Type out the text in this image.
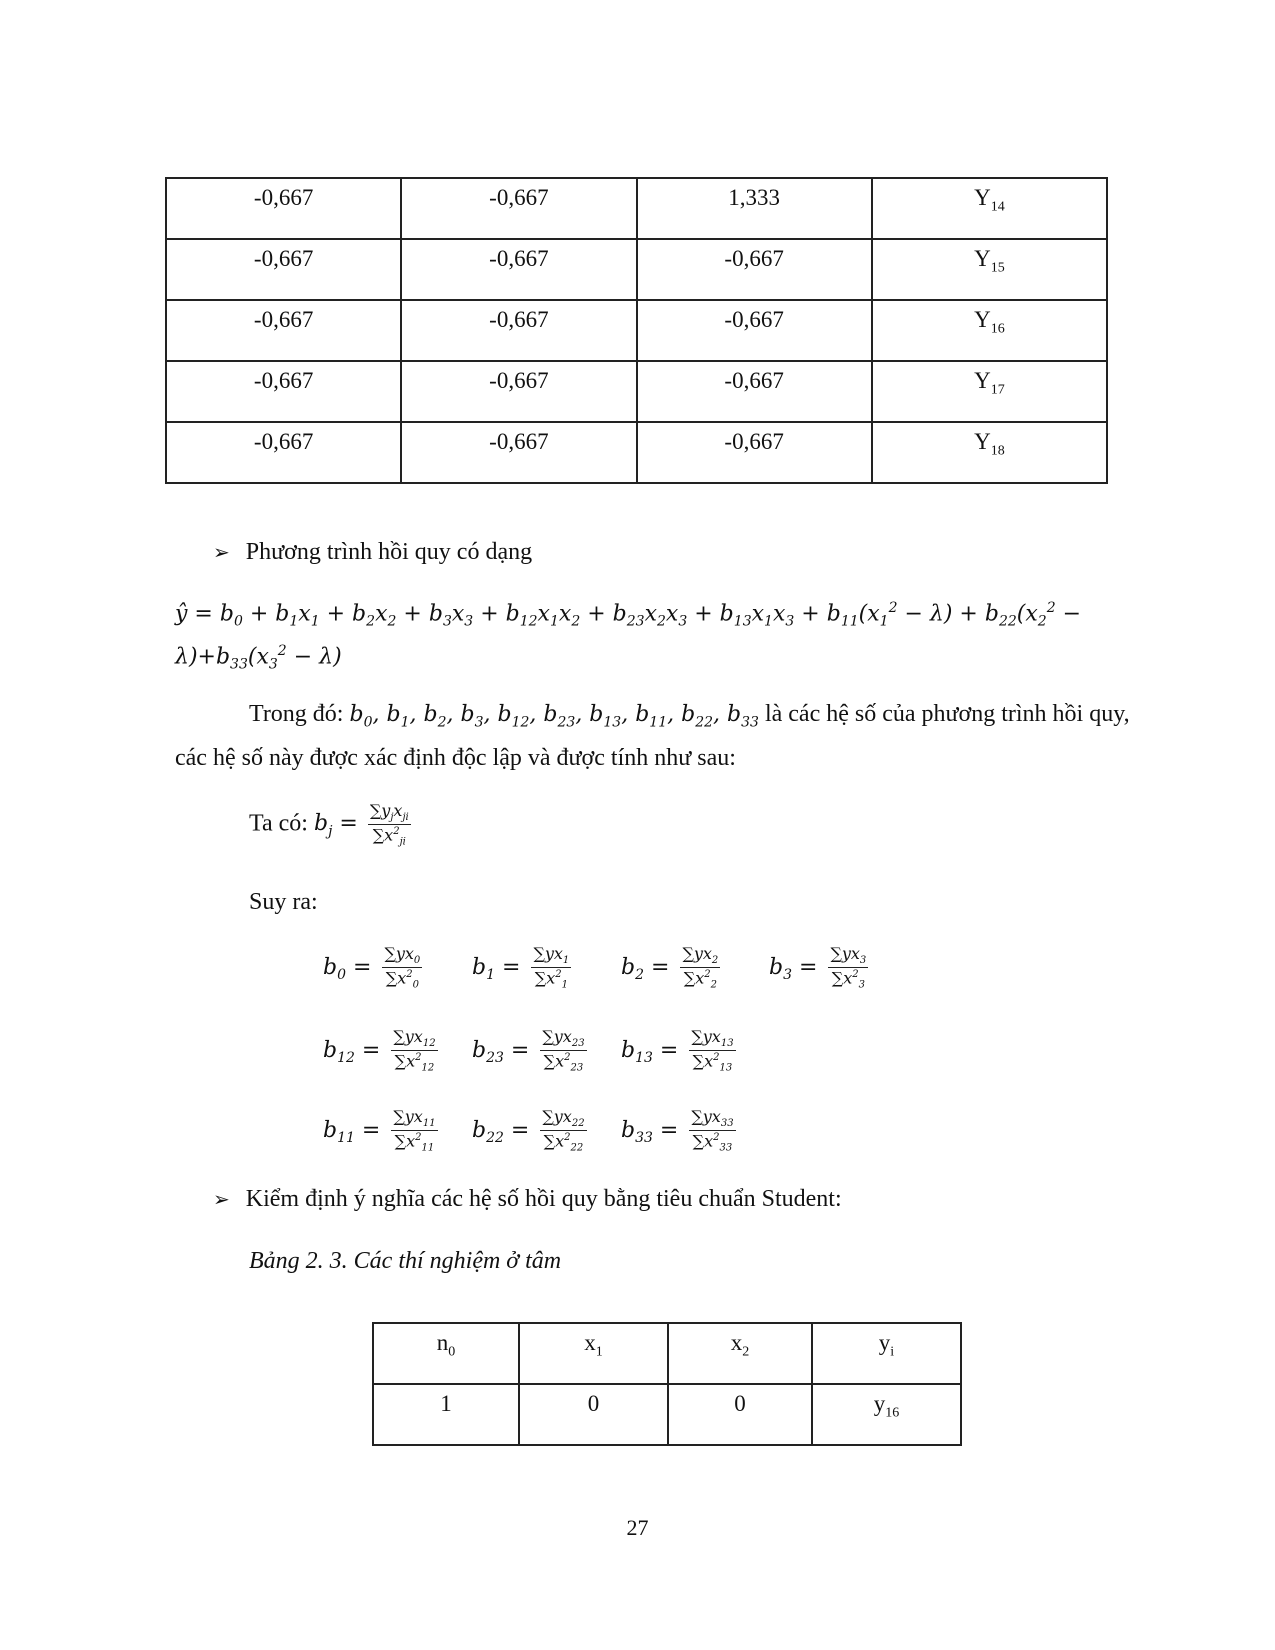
-0,667	-0,667	1,333	$Y_{14}$
-0,667	-0,667	-0,667	$Y_{15}$
-0,667	-0,667	-0,667	$Y_{16}$
-0,667	-0,667	-0,667	$Y_{17}$
-0,667	-0,667	-0,667	$Y_{18}$
➢ Phương trình hồi quy có dạng
ŷ = $b_0 + b_1x_1 + b_2x_2 + b_3x_3 + b_{12}x_1x_2 + b_{23}x_2x_3 + b_{13}x_1x_3 + b_{11}(x_1^2 - \lambda) + b_{22}(x_2^2$ −
$\lambda)+b_{33}(x_3^2 - \lambda)$
Trong đó: $b_0$, $b_1$, $b_2$, $b_3$, $b_{12}$, $b_{23}$, $b_{13}$, $b_{11}$, $b_{22}$, $b_{33}$ là các hệ số của phương trình hồi quy,
các hệ số này được xác định độc lập và được tính như sau:
Ta có: $b_j = \frac{\sum y_jx_{ji}}{\sum x^2_{ji}}$
Suy ra:
$b_0 = \frac{\sum yx_0}{\sum x^2_0} b_1 = \frac{\sum yx_1}{\sum x^2_1} b_2 = \frac{\sum yx_2}{\sum x^2_2} b_3 = \frac{\sum yx_3}{\sum x^2_3}$
$b_{12} = \frac{\sum yx_{12}}{\sum x^2_{12}} b_{23} = \frac{\sum yx_{23}}{\sum x^2_{23}} b_{13} = \frac{\sum yx_{13}}{\sum x^2_{13}}$
$b_{11} = \frac{\sum yx_{11}}{\sum x^2_{11}} b_{22} = \frac{\sum yx_{22}}{\sum x^2_{22}} b_{33} = \frac{\sum yx_{33}}{\sum x^2_{33}}$
➢ Kiểm định ý nghĩa các hệ số hồi quy bằng tiêu chuẩn Student:
Bảng 2. 3. Các thí nghiệm ở tâm
$n_0$	$x_1$	$x_2$	$y_i$
1	0	0	$y_{16}$
27
